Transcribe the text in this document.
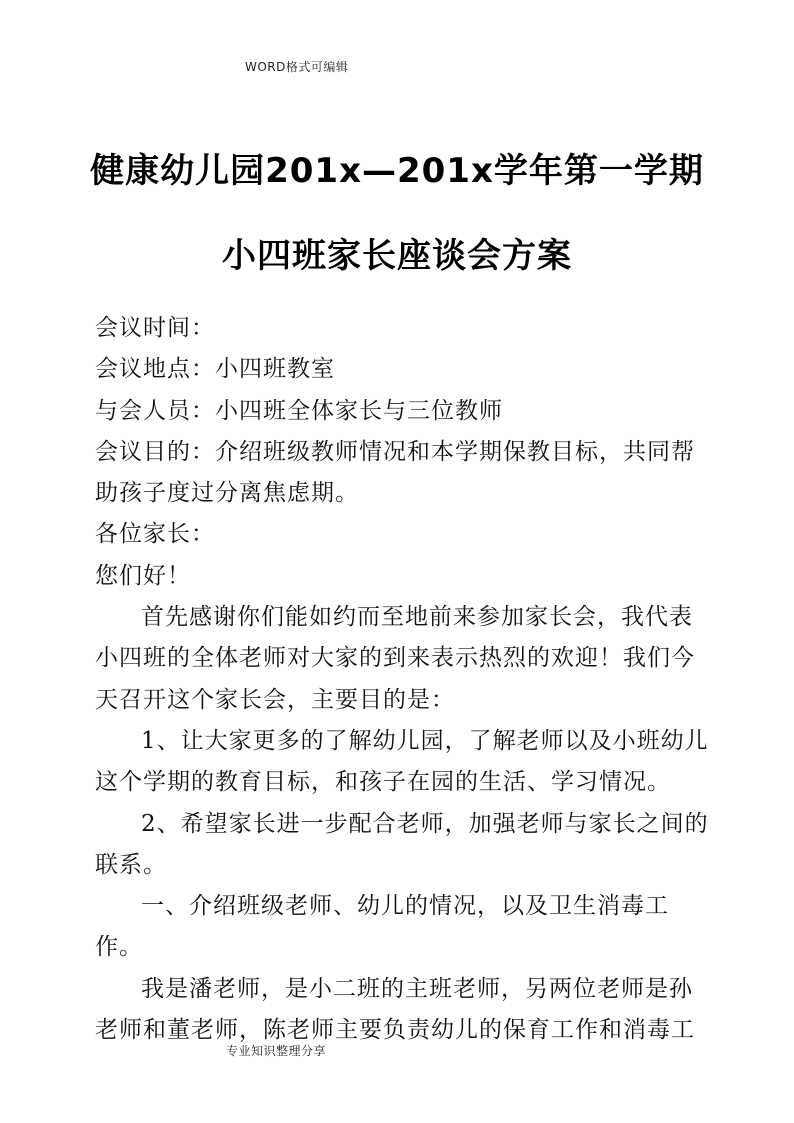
WORD格式可编辑
健康幼儿园201x—201x学年第一学期
小四班家长座谈会方案

会议时间：

会议地点：小四班教室

与会人员：小四班全体家长与三位教师

会议目的：介绍班级教师情况和本学期保教目标，共同帮助孩子度过分离焦虑期。

各位家长：

您们好！

首先感谢你们能如约而至地前来参加家长会，我代表小四班的全体老师对大家的到来表示热烈的欢迎！我们今天召开这个家长会，主要目的是：

1、让大家更多的了解幼儿园，了解老师以及小班幼儿这个学期的教育目标，和孩子在园的生活、学习情况。

2、希望家长进一步配合老师，加强老师与家长之间的联系。

一、介绍班级老师、幼儿的情况，以及卫生消毒工作。

我是潘老师，是小二班的主班老师，另两位老师是孙老师和董老师，陈老师主要负责幼儿的保育工作和消毒工

专业知识整理分享
